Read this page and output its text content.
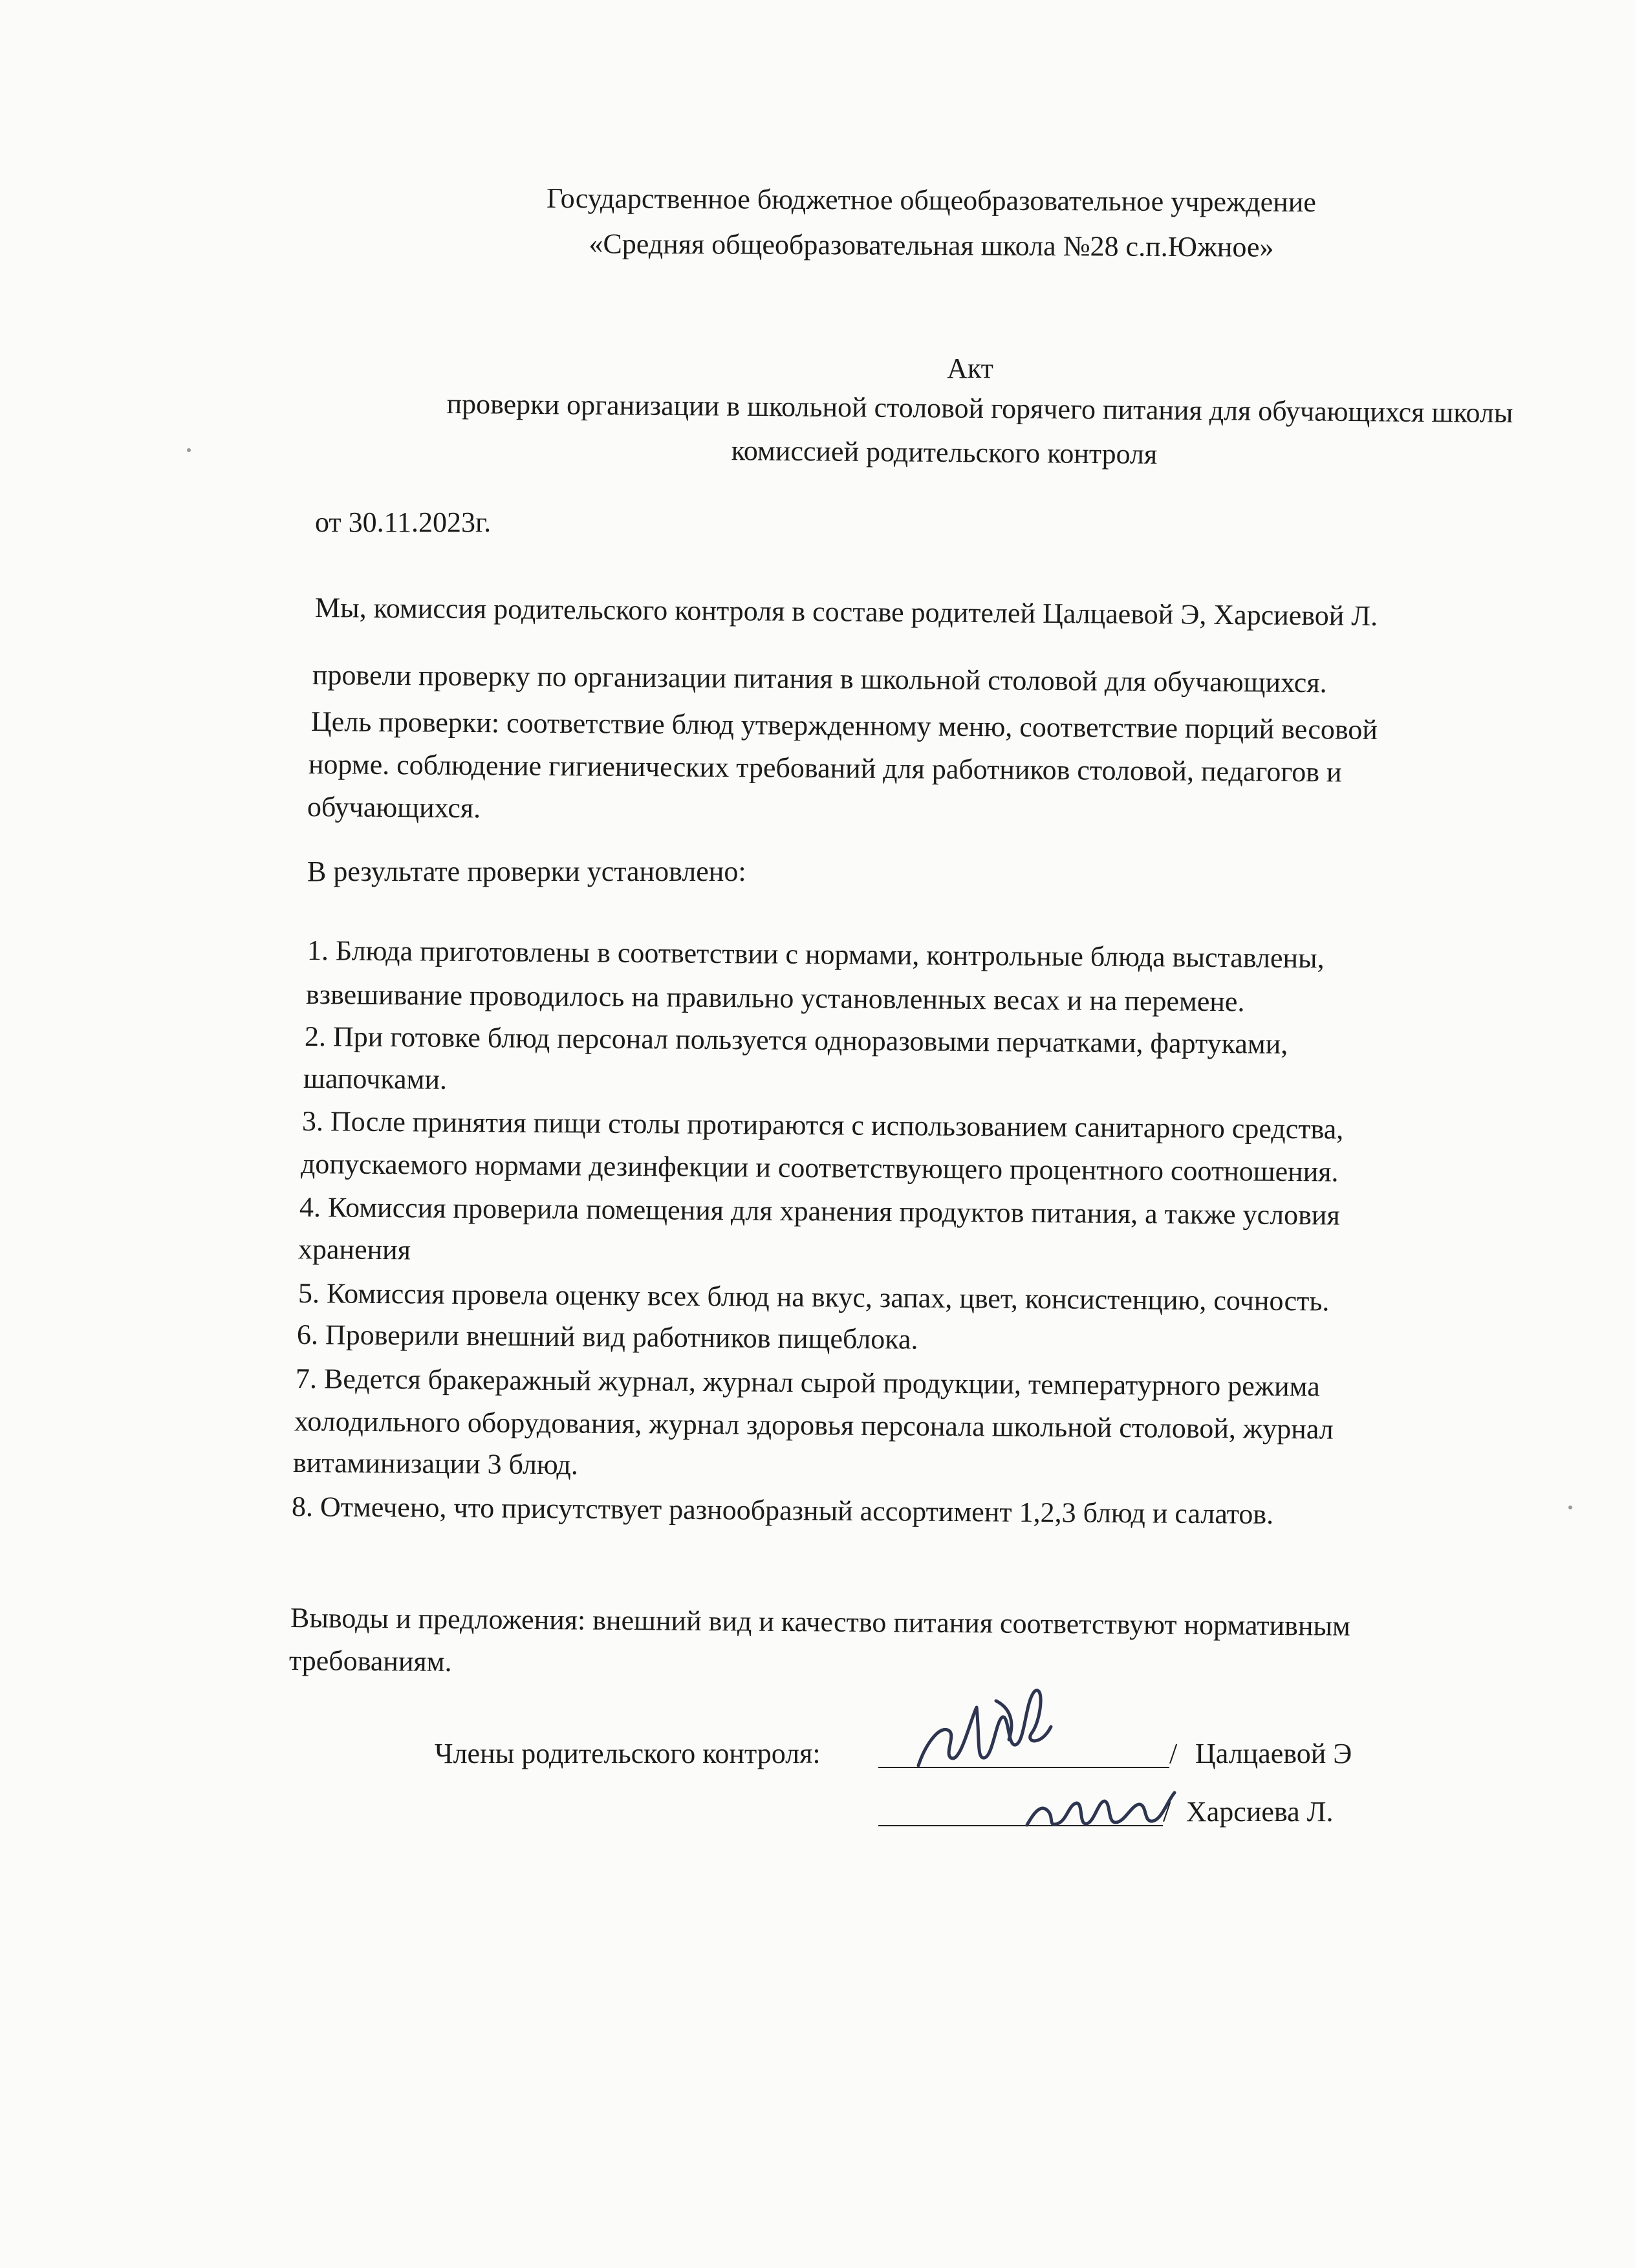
Государственное бюджетное общеобразовательное учреждение
«Средняя общеобразовательная школа №28 с.п.Южное»
Акт
проверки организации в школьной столовой горячего питания для обучающихся школы
комиссией родительского контроля
от 30.11.2023г.
Мы, комиссия родительского контроля в составе родителей Цалцаевой Э, Харсиевой Л.
провели проверку по организации питания в школьной столовой для обучающихся.
Цель проверки: соответствие блюд утвержденному меню, соответствие порций весовой
норме. соблюдение гигиенических требований для работников столовой, педагогов и
обучающихся.
В результате проверки установлено:
1. Блюда приготовлены в соответствии с нормами, контрольные блюда выставлены,
взвешивание проводилось на правильно установленных весах и на перемене.
2. При готовке блюд персонал пользуется одноразовыми перчатками, фартуками,
шапочками.
3. После принятия пищи столы протираются с использованием санитарного средства,
допускаемого нормами дезинфекции и соответствующего процентного соотношения.
4. Комиссия проверила помещения для хранения продуктов питания, а также условия
хранения
5. Комиссия провела оценку всех блюд на вкус, запах, цвет, консистенцию, сочность.
6. Проверили внешний вид работников пищеблока.
7. Ведется бракеражный журнал, журнал сырой продукции, температурного режима
холодильного оборудования, журнал здоровья персонала школьной столовой, журнал
витаминизации 3 блюд.
8. Отмечено, что присутствует разнообразный ассортимент 1,2,3 блюд и салатов.
Выводы и предложения: внешний вид и качество питания соответствуют нормативным
требованиям.
Члены родительского контроля:	/ Цалцаевой Э
/ Харсиева Л.
